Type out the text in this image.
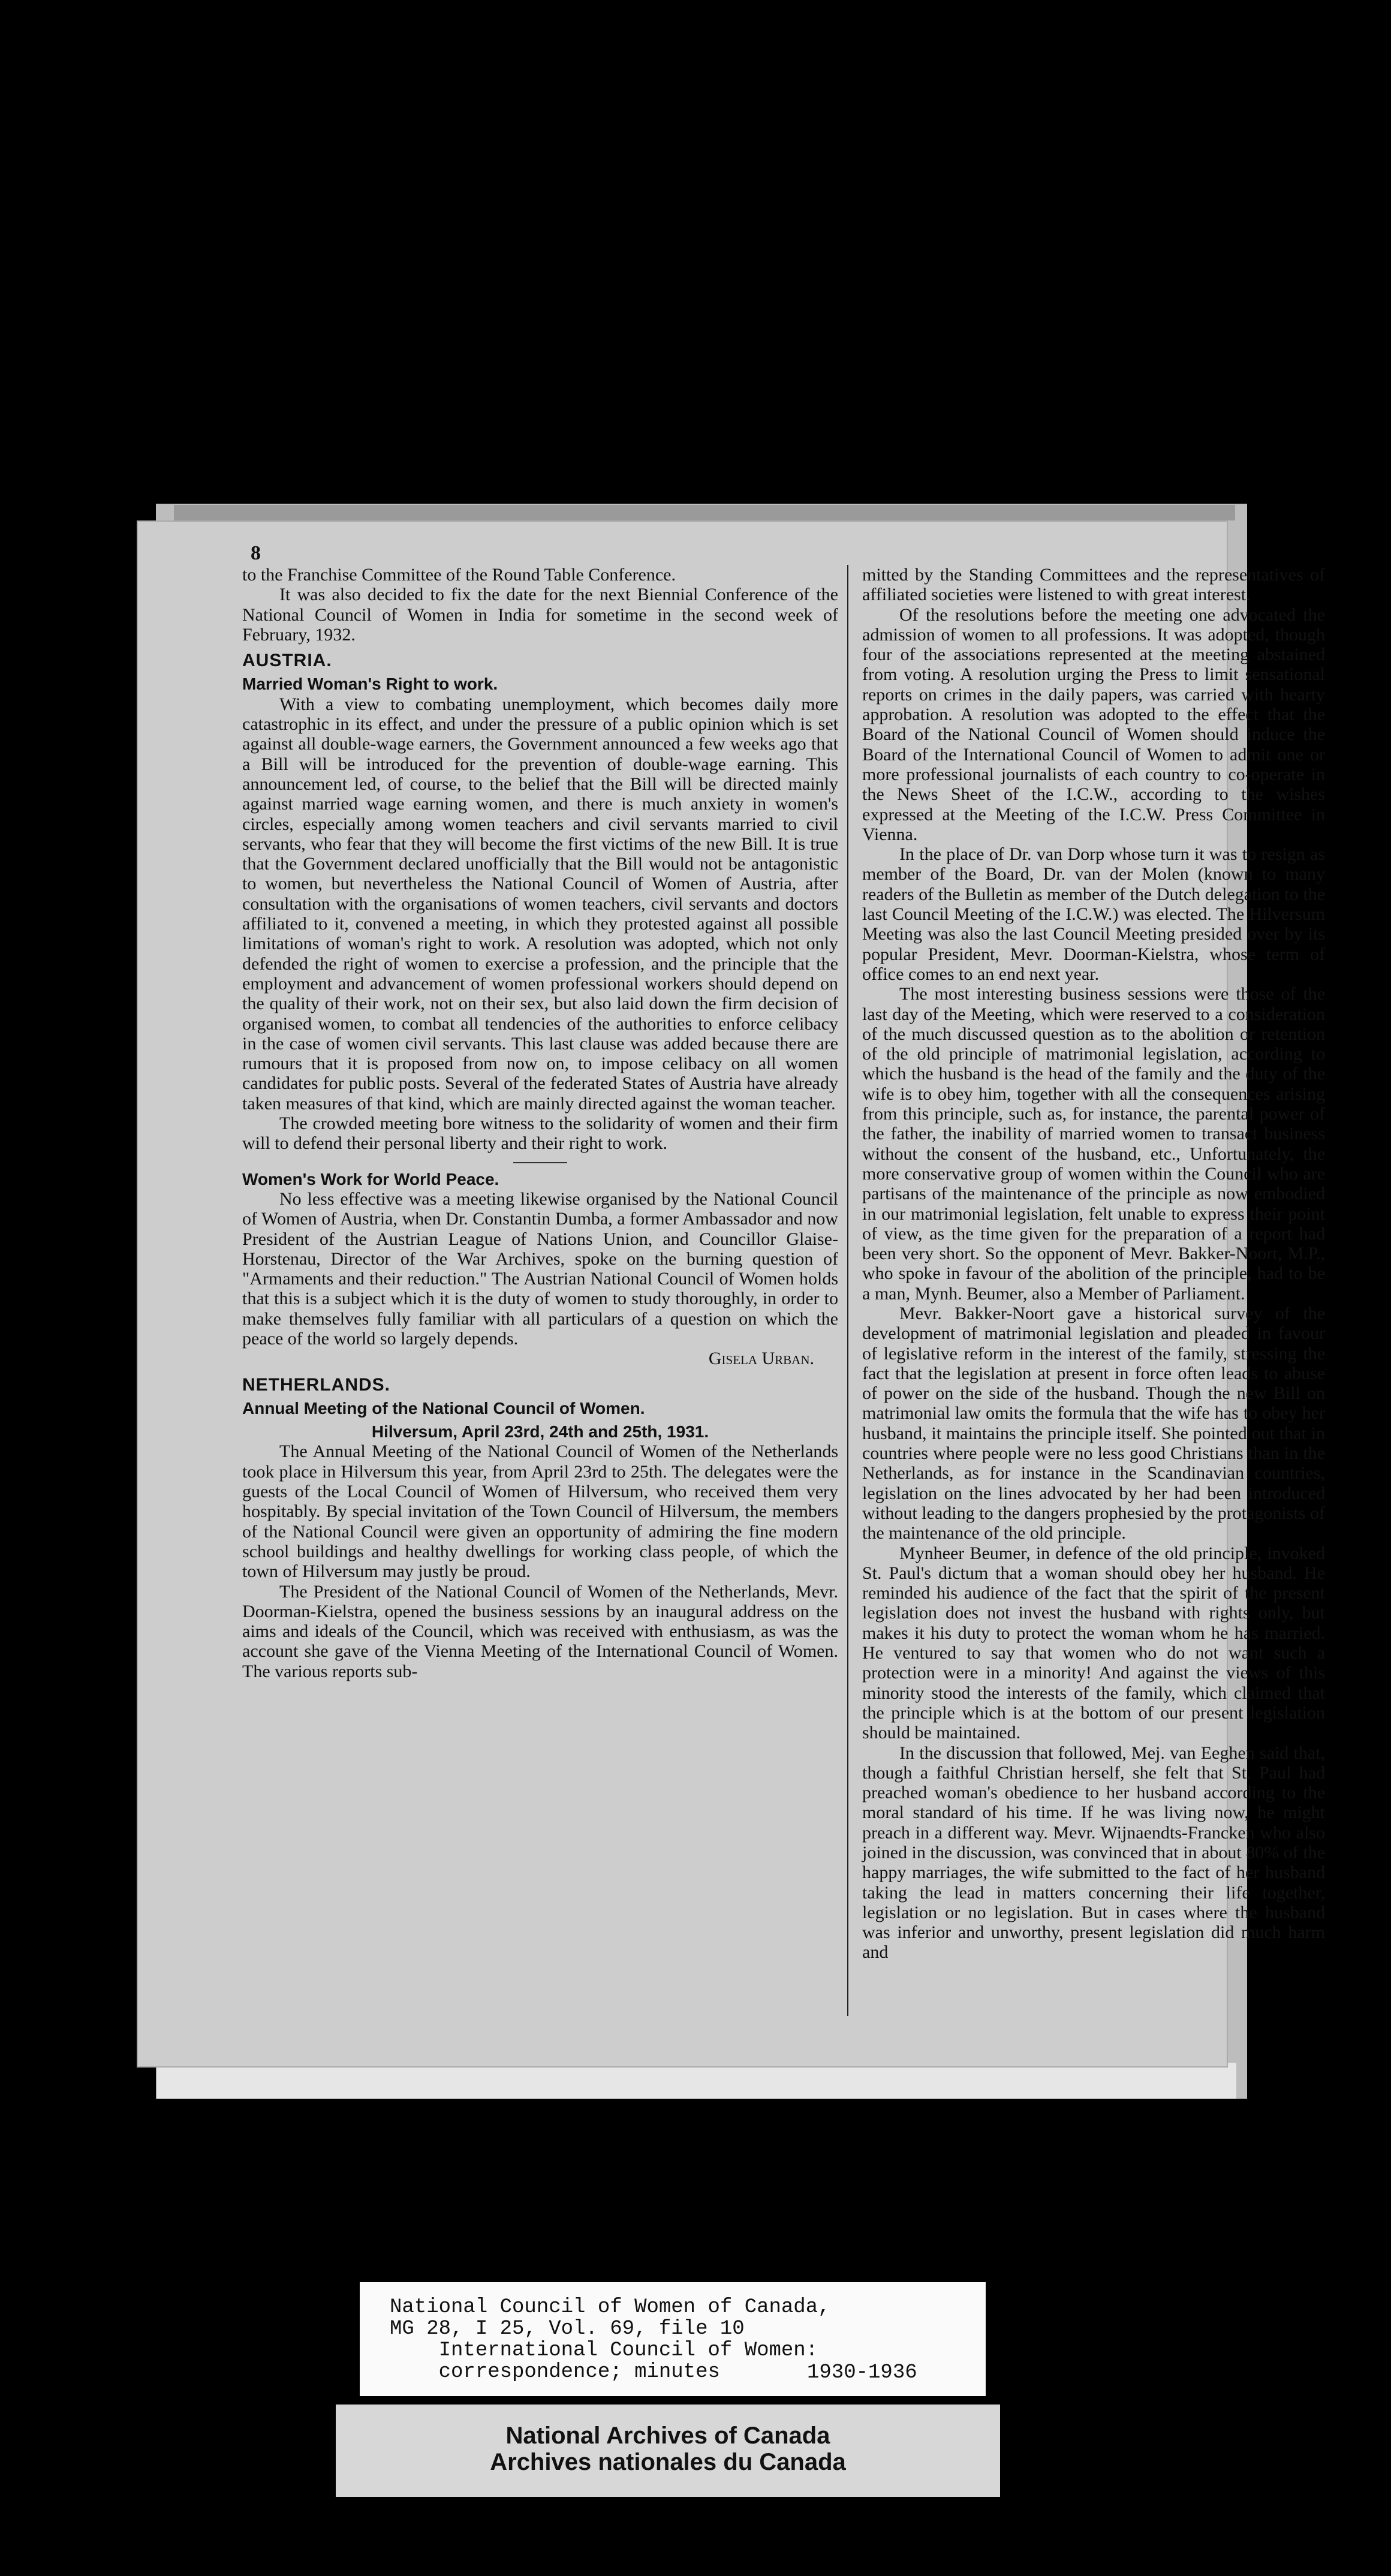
8

to the Franchise Committee of the Round Table Conference.

It was also decided to fix the date for the next Biennial Conference of the National Council of Women in India for sometime in the second week of February, 1932.

AUSTRIA.

Married Woman's Right to work.

With a view to combating unemployment, which becomes daily more catastrophic in its effect, and under the pressure of a public opinion which is set against all double-wage earners, the Government announced a few weeks ago that a Bill will be introduced for the prevention of double-wage earning. This announcement led, of course, to the belief that the Bill will be directed mainly against married wage earning women, and there is much anxiety in women's circles, especially among women teachers and civil servants married to civil servants, who fear that they will become the first victims of the new Bill. It is true that the Government declared unofficially that the Bill would not be antagonistic to women, but nevertheless the National Council of Women of Austria, after consultation with the organisations of women teachers, civil servants and doctors affiliated to it, convened a meeting, in which they protested against all possible limitations of woman's right to work. A resolution was adopted, which not only defended the right of women to exercise a profession, and the principle that the employment and advancement of women professional workers should depend on the quality of their work, not on their sex, but also laid down the firm decision of organised women, to combat all tendencies of the authorities to enforce celibacy in the case of women civil servants. This last clause was added because there are rumours that it is proposed from now on, to impose celibacy on all women candidates for public posts. Several of the federated States of Austria have already taken measures of that kind, which are mainly directed against the woman teacher.

The crowded meeting bore witness to the solidarity of women and their firm will to defend their personal liberty and their right to work.

Women's Work for World Peace.

No less effective was a meeting likewise organised by the National Council of Women of Austria, when Dr. Constantin Dumba, a former Ambassador and now President of the Austrian League of Nations Union, and Councillor Glaise-Horstenau, Director of the War Archives, spoke on the burning question of "Armaments and their reduction." The Austrian National Council of Women holds that this is a subject which it is the duty of women to study thoroughly, in order to make themselves fully familiar with all particulars of a question on which the peace of the world so largely depends.

Gisela Urban.

NETHERLANDS.

Annual Meeting of the National Council of Women.

Hilversum, April 23rd, 24th and 25th, 1931.

The Annual Meeting of the National Council of Women of the Netherlands took place in Hilversum this year, from April 23rd to 25th. The delegates were the guests of the Local Council of Women of Hilversum, who received them very hospitably. By special invitation of the Town Council of Hilversum, the members of the National Council were given an opportunity of admiring the fine modern school buildings and healthy dwellings for working class people, of which the town of Hilversum may justly be proud.

The President of the National Council of Women of the Netherlands, Mevr. Doorman-Kielstra, opened the business sessions by an inaugural address on the aims and ideals of the Council, which was received with enthusiasm, as was the account she gave of the Vienna Meeting of the International Council of Women. The various reports sub-

mitted by the Standing Committees and the representatives of affiliated societies were listened to with great interest.

Of the resolutions before the meeting one advocated the admission of women to all professions. It was adopted, though four of the associations represented at the meeting abstained from voting. A resolution urging the Press to limit sensational reports on crimes in the daily papers, was carried with hearty approbation. A resolution was adopted to the effect that the Board of the National Council of Women should induce the Board of the International Council of Women to admit one or more professional journalists of each country to co-operate in the News Sheet of the I.C.W., according to the wishes expressed at the Meeting of the I.C.W. Press Committee in Vienna.

In the place of Dr. van Dorp whose turn it was to resign as member of the Board, Dr. van der Molen (known to many readers of the Bulletin as member of the Dutch delegation to the last Council Meeting of the I.C.W.) was elected. The Hilversum Meeting was also the last Council Meeting presided over by its popular President, Mevr. Doorman-Kielstra, whose term of office comes to an end next year.

The most interesting business sessions were those of the last day of the Meeting, which were reserved to a consideration of the much discussed question as to the abolition or retention of the old principle of matrimonial legislation, according to which the husband is the head of the family and the duty of the wife is to obey him, together with all the consequences arising from this principle, such as, for instance, the parental power of the father, the inability of married women to transact business without the consent of the husband, etc., Unfortunately, the more conservative group of women within the Council who are partisans of the maintenance of the principle as now embodied in our matrimonial legislation, felt unable to express their point of view, as the time given for the preparation of a report had been very short. So the opponent of Mevr. Bakker-Noort, M.P., who spoke in favour of the abolition of the principle, had to be a man, Mynh. Beumer, also a Member of Parliament.

Mevr. Bakker-Noort gave a historical survey of the development of matrimonial legislation and pleaded in favour of legislative reform in the interest of the family, stressing the fact that the legislation at present in force often leads to abuse of power on the side of the husband. Though the new Bill on matrimonial law omits the formula that the wife has to obey her husband, it maintains the principle itself. She pointed out that in countries where people were no less good Christians than in the Netherlands, as for instance in the Scandinavian countries, legislation on the lines advocated by her had been introduced without leading to the dangers prophesied by the protagonists of the maintenance of the old principle.

Mynheer Beumer, in defence of the old principle, invoked St. Paul's dictum that a woman should obey her husband. He reminded his audience of the fact that the spirit of the present legislation does not invest the husband with rights only, but makes it his duty to protect the woman whom he has married. He ventured to say that women who do not want such a protection were in a minority! And against the views of this minority stood the interests of the family, which claimed that the principle which is at the bottom of our present legislation should be maintained.

In the discussion that followed, Mej. van Eeghen said that, though a faithful Christian herself, she felt that St. Paul had preached woman's obedience to her husband according to the moral standard of his time. If he was living now, he might preach in a different way. Mevr. Wijnaendts-Francken who also joined in the discussion, was convinced that in about 80% of the happy marriages, the wife submitted to the fact of her husband taking the lead in matters concerning their life together, legislation or no legislation. But in cases where the husband was inferior and unworthy, present legislation did much harm and

National Council of Women of Canada,
MG 28, I 25, Vol. 69, file 10
International Council of Women:
correspondence; minutes	1930-1936
National Archives of Canada
Archives nationales du Canada
